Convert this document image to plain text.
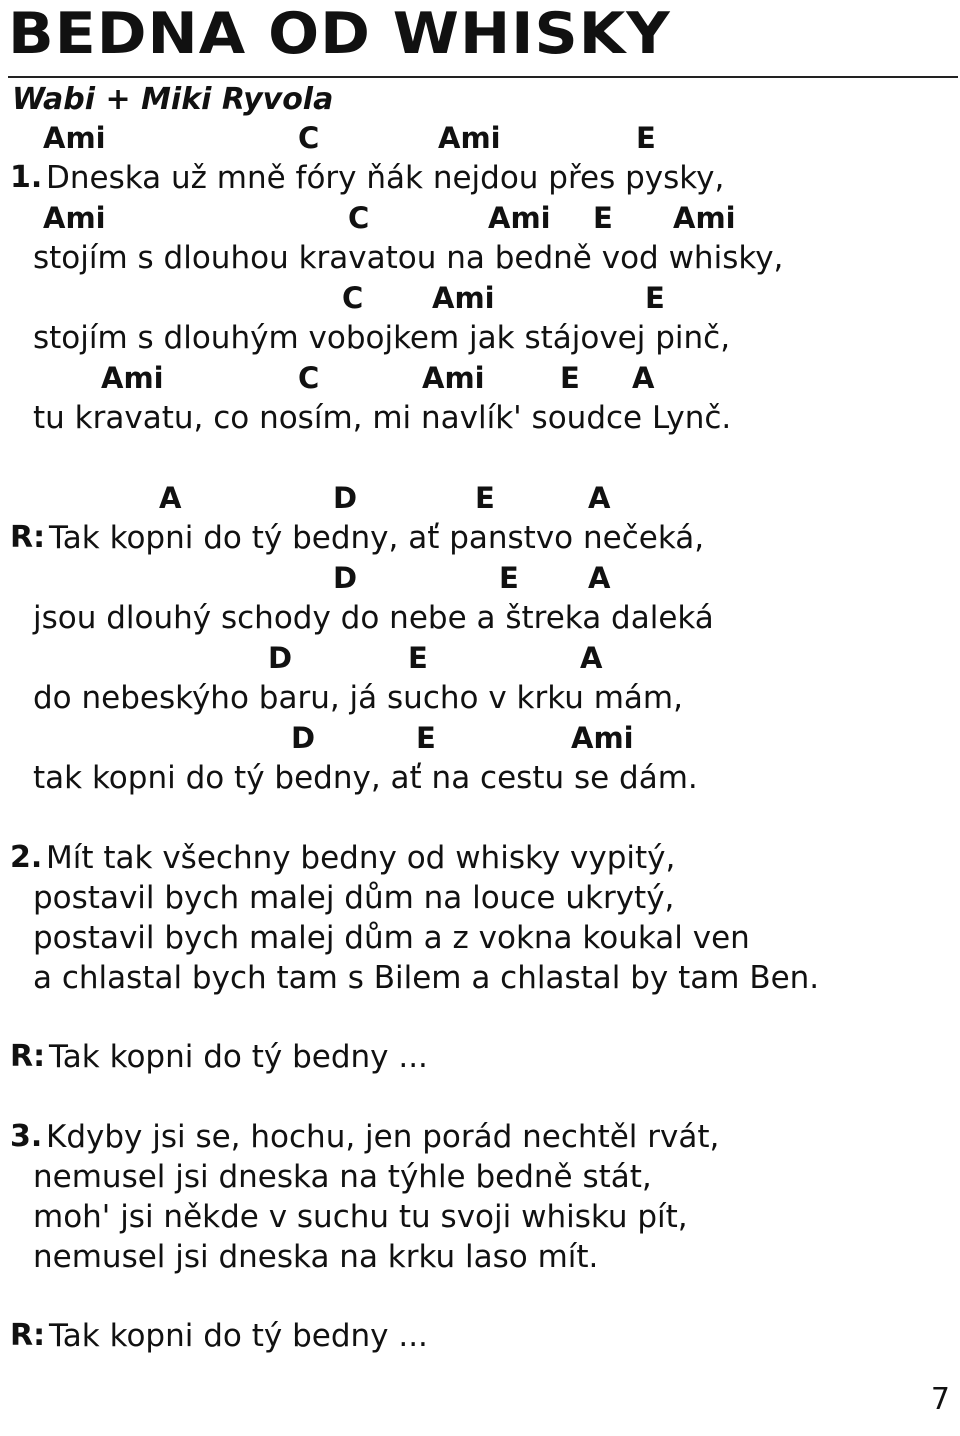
BEDNA OD WHISKY
Wabi + Miki Ryvola

Ami

	C

	Ami

	E

1.

Dneska už mně fóry ňák nejdou přes pysky,

Ami

	C

	Ami

E

Ami

stojím s dlouhou kravatou na bedně vod whisky,

C

Ami

	E

stojím s dlouhým vobojkem jak stájovej pinč,

Ami

	C

	Ami

	E

A

tu kravatu, co nosím, mi navlík' soudce Lynč.

A

	D

	E

	A

R:

Tak kopni do tý bedny, ať panstvo nečeká,

D

	E

A

jsou dlouhý schody do nebe a štreka daleká

D

	E

	A

do nebeskýho baru, já sucho v krku mám,

D

	E

	Ami

tak kopni do tý bedny, ať na cestu se dám.

2.

Mít tak všechny bedny od whisky vypitý,

postavil bych malej dům na louce ukrytý,

postavil bych malej dům a z vokna koukal ven

a chlastal bych tam s Bilem a chlastal by tam Ben.

R:

Tak kopni do tý bedny ...

3.

Kdyby jsi se, hochu, jen porád nechtěl rvát,

nemusel jsi dneska na týhle bedně stát,

moh' jsi někde v suchu tu svoji whisku pít,

nemusel jsi dneska na krku laso mít.

R:

Tak kopni do tý bedny ...

7
